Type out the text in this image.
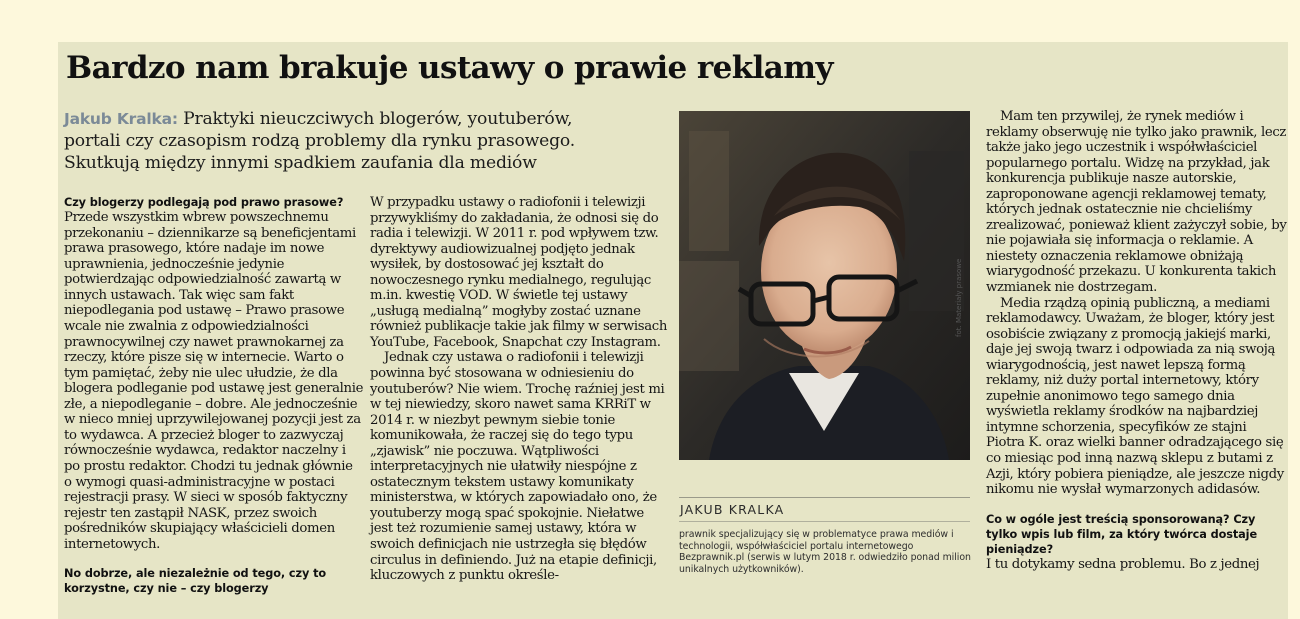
Bardzo nam brakuje ustawy o prawie reklamy
Jakub Kralka: Praktyki nieuczciwych blogerów, youtuberów, portali czy czasopism rodzą problemy dla rynku prasowego. Skutkują między innymi spadkiem zaufania dla mediów
Czy blogerzy podlegają pod prawo prasowe?

Przede wszystkim wbrew powszechnemu przekonaniu – dziennikarze są beneficjentami prawa prasowego, które nadaje im nowe uprawnienia, jednocześnie jedynie potwierdzając odpowiedzialność zawartą w innych ustawach. Tak więc sam fakt niepodlegania pod ustawę – Prawo prasowe wcale nie zwalnia z odpowiedzialności prawnocywilnej czy nawet prawnokarnej za rzeczy, które pisze się w internecie. Warto o tym pamiętać, żeby nie ulec ułudzie, że dla blogera podleganie pod ustawę jest generalnie złe, a niepodleganie – dobre. Ale jednocześnie w nieco mniej uprzywilejowanej pozycji jest za to wydawca. A przecież bloger to zazwyczaj równocześnie wydawca, redaktor naczelny i po prostu redaktor. Chodzi tu jednak głównie o wymogi quasi-administracyjne w postaci rejestracji prasy. W sieci w sposób faktyczny rejestr ten zastąpił NASK, przez swoich pośredników skupiający właścicieli domen internetowych.

No dobrze, ale niezależnie od tego, czy to korzystne, czy nie – czy blogerzy

W przypadku ustawy o radiofonii i telewizji przywykliśmy do zakładania, że odnosi się do radia i telewizji. W 2011 r. pod wpływem tzw. dyrektywy audiowizualnej podjęto jednak wysiłek, by dostosować jej kształt do nowoczesnego rynku medialnego, regulując m.in. kwestię VOD. W świetle tej ustawy „usługą medialną” mogłyby zostać uznane również publikacje takie jak filmy w serwisach YouTube, Facebook, Snapchat czy Instagram.

Jednak czy ustawa o radiofonii i telewizji powinna być stosowana w odniesieniu do youtuberów? Nie wiem. Trochę raźniej jest mi w tej niewiedzy, skoro nawet sama KRRiT w 2014 r. w niezbyt pewnym siebie tonie komunikowała, że raczej się do tego typu „zjawisk” nie poczuwa. Wątpliwości interpretacyjnych nie ułatwiły niespójne z ostatecznym tekstem ustawy komunikaty ministerstwa, w których zapowiadało ono, że youtuberzy mogą spać spokojnie. Niełatwe jest też rozumienie samej ustawy, która w swoich definicjach nie ustrzegła się błędów circulus in definiendo. Już na etapie definicji, kluczowych z punktu określe-

fot. Materiały prasowe
JAKUB KRALKA
prawnik specjalizujący się w problematyce prawa mediów i technologii, współwłaściciel portalu internetowego Bezprawnik.pl (serwis w lutym 2018 r. odwiedziło ponad milion unikalnych użytkowników).

Mam ten przywilej, że rynek mediów i reklamy obserwuję nie tylko jako prawnik, lecz także jako jego uczestnik i współwłaściciel popularnego portalu. Widzę na przykład, jak konkurencja publikuje nasze autorskie, zaproponowane agencji reklamowej tematy, których jednak ostatecznie nie chcieliśmy zrealizować, ponieważ klient zażyczył sobie, by nie pojawiała się informacja o reklamie. A niestety oznaczenia reklamowe obniżają wiarygodność przekazu. U konkurenta takich wzmianek nie dostrzegam.

Media rządzą opinią publiczną, a mediami reklamodawcy. Uważam, że bloger, który jest osobiście związany z promocją jakiejś marki, daje jej swoją twarz i odpowiada za nią swoją wiarygodnością, jest nawet lepszą formą reklamy, niż duży portal internetowy, który zupełnie anonimowo tego samego dnia wyświetla reklamy środków na najbardziej intymne schorzenia, specyfików ze stajni Piotra K. oraz wielki banner odradzającego się co miesiąc pod inną nazwą sklepu z butami z Azji, który pobiera pieniądze, ale jeszcze nigdy nikomu nie wysłał wymarzonych adidasów.

Co w ogóle jest treścią sponsorowaną? Czy tylko wpis lub film, za który twórca dostaje pieniądze?

I tu dotykamy sedna problemu. Bo z jednej
